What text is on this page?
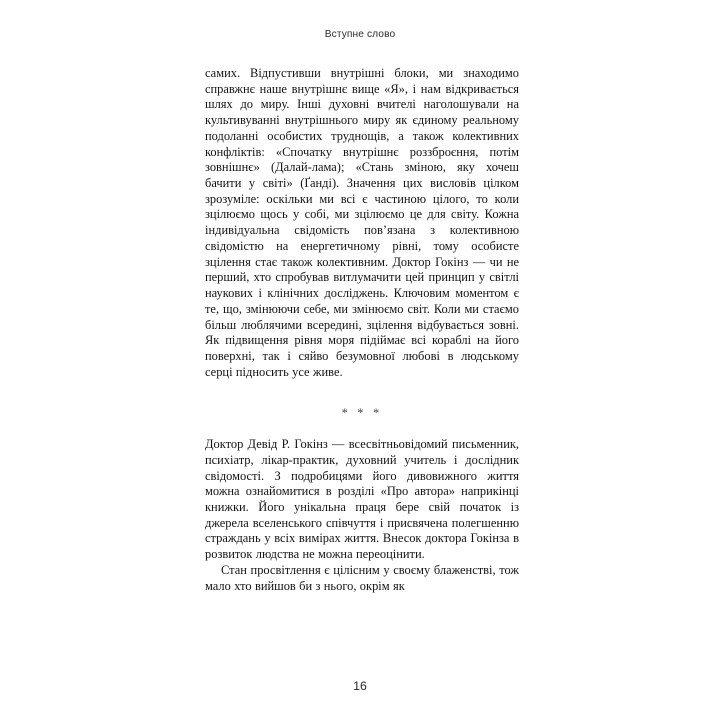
Вступне слово

самих. Відпустивши внутрішні блоки, ми знаходимо справжнє наше внутрішнє вище «Я», і нам відкривається шлях до миру. Інші духовні вчителі наголошували на культивуванні внутрішнього миру як єдиному реальному подоланні особистих труднощів, а також колективних конфліктів: «Спочатку внутрішнє роззброєння, потім зовнішнє» (Далай-лама); «Стань зміною, яку хочеш бачити у світі» (Ґанді). Значення цих висловів цілком зрозуміле: оскільки ми всі є частиною цілого, то коли зцілюємо щось у собі, ми зцілюємо це для світу. Кожна індивідуальна свідомість пов’язана з колективною свідомістю на енергетичному рівні, тому особисте зцілення стає також колективним. Доктор Гокінз — чи не перший, хто спробував витлумачити цей принцип у світлі наукових і клінічних досліджень. Ключовим моментом є те, що, змінюючи себе, ми змінюємо світ. Коли ми стаємо більш люблячими всередині, зцілення відбувається зовні. Як підвищення рівня моря підіймає всі кораблі на його поверхні, так і сяйво безумовної любові в людському серці підносить усе живе.

* * *

Доктор Девід Р. Гокінз — всесвітньовідомий письменник, психіатр, лікар-практик, духовний учитель і дослідник свідомості. З подробицями його дивовижного життя можна ознайомитися в розділі «Про автора» наприкінці книжки. Його унікальна праця бере свій початок із джерела вселенського співчуття і присвячена полегшенню страждань у всіх вимірах життя. Внесок доктора Гокінза в розвиток людства не можна переоцінити.

Стан просвітлення є цілісним у своєму блаженстві, тож мало хто вийшов би з нього, окрім як

16
